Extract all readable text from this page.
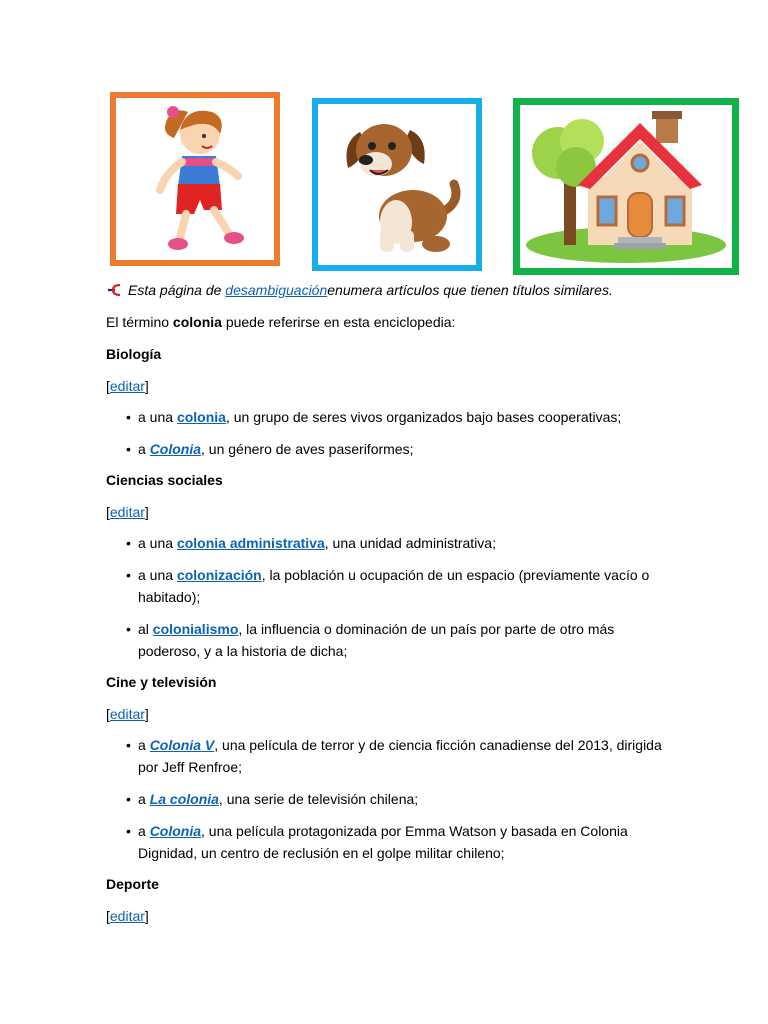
Esta página de
desambiguación enumera artículos que tienen títulos similares.

El término colonia puede referirse en esta enciclopedia:

Biología

[editar]

• a una colonia, un grupo de seres vivos organizados bajo bases cooperativas;
• a Colonia, un género de aves paseriformes;

Ciencias sociales

[editar]

• a una colonia administrativa, una unidad administrativa;
• a una colonización, la población u ocupación de un espacio (previamente vacío o
habitado);
• al colonialismo, la influencia o dominación de un país por parte de otro más
poderoso, y a la historia de dicha;

Cine y televisión

[editar]

• a Colonia V, una película de terror y de ciencia ficción canadiense del 2013, dirigida
por Jeff Renfroe;
• a La colonia, una serie de televisión chilena;
• a Colonia, una película protagonizada por Emma Watson y basada en Colonia
Dignidad, un centro de reclusión en el golpe militar chileno;

Deporte

[editar]
